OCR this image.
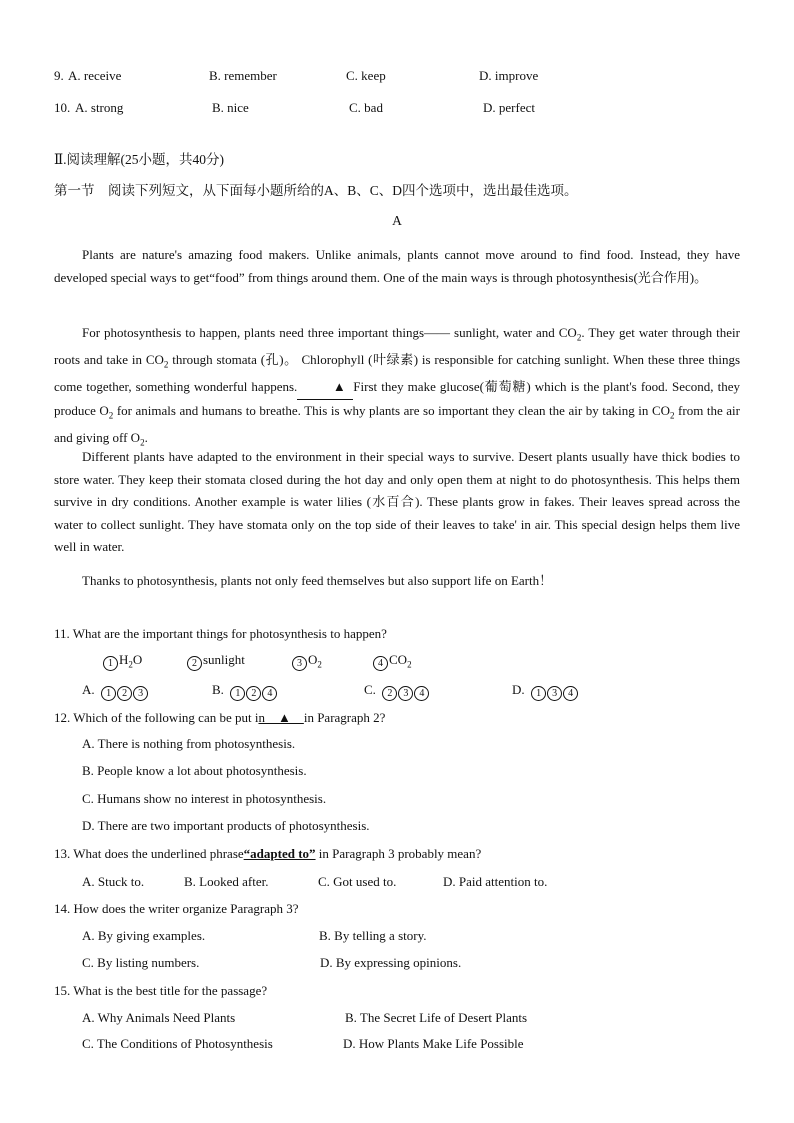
9. A. receive	B. remember	C. keep	D. improve
10. A. strong	B. nice	C. bad	D. perfect
Ⅱ.阅读理解(25小题，共40分)
第一节　阅读下列短文，从下面每小题所给的A、B、C、D四个选项中，选出最佳选项。
A
Plants are nature's amazing food makers. Unlike animals, plants cannot move around to find food. Instead, they have developed special ways to get“food” from things around them. One of the main ways is through photosynthesis(光合作用)。
For photosynthesis to happen, plants need three important things—— sunlight, water and $CO_2$. They get water through their roots and take in $CO_2$ through stomata (孔)。 Chlorophyll (叶绿素) is responsible for catching sunlight. When these three things come together, something wonderful happens.	▲ First they make glucose(葡萄糖) which is the plant's food. Second, they produce $O_2$ for animals and humans to breathe. This is why plants are so important they clean the air by taking in $CO_2$ from the air and giving off $O_2$.
Different plants have adapted to the environment in their special ways to survive. Desert plants usually have thick bodies to store water. They keep their stomata closed during the hot day and only open them at night to do photosynthesis. This helps them survive in dry conditions. Another example is water lilies (水百合). These plants grow in fakes. Their leaves spread across the water to collect sunlight. They have stomata only on the top side of their leaves to take' in air. This special design helps them live well in water.
Thanks to photosynthesis, plants not only feed themselves but also support life on Earth！
11. What are the important things for photosynthesis to happen?
1 $H_2O$	2 sunlight	3 $O_2$	4 $CO_2$
A. 1 2 3	B. 1 2 4	C. 2 3 4	D. 1 3 4
12. Which of the following can be put in　▲　in Paragraph 2?
A. There is nothing from photosynthesis.
B. People know a lot about photosynthesis.
C. Humans show no interest in photosynthesis.
D. There are two important products of photosynthesis.
13. What does the underlined phrase“adapted to” in Paragraph 3 probably mean?
A. Stuck to.	B. Looked after.	C. Got used to.	D. Paid attention to.
14. How does the writer organize Paragraph 3?
A. By giving examples.	B. By telling a story.
C. By listing numbers.	D. By expressing opinions.
15. What is the best title for the passage?
A. Why Animals Need Plants	B. The Secret Life of Desert Plants
C. The Conditions of Photosynthesis	D. How Plants Make Life Possible
